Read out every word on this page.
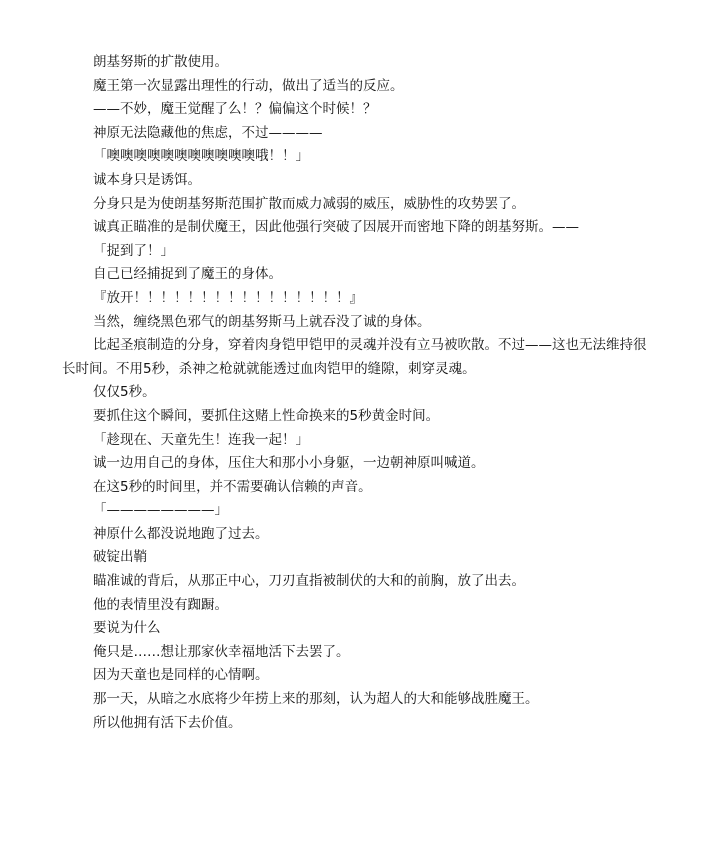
朗基努斯的扩散使用。

魔王第一次显露出理性的行动，做出了适当的反应。

——不妙，魔王觉醒了么！？偏偏这个时候！？

神原无法隐藏他的焦虑，不过————

「噢噢噢噢噢噢噢噢噢噢噢哦！！」

诚本身只是诱饵。

分身只是为使朗基努斯范围扩散而威力减弱的威压，威胁性的攻势罢了。

诚真正瞄准的是制伏魔王，因此他强行突破了因展开而密地下降的朗基努斯。——

「捉到了！」

自己已经捕捉到了魔王的身体。

『放开！！！！！！！！！！！！！！！！』

当然，缠绕黑色邪气的朗基努斯马上就吞没了诚的身体。

比起圣痕制造的分身，穿着肉身铠甲铠甲的灵魂并没有立马被吹散。不过——这也无法维持很长时间。不用5秒，杀神之枪就就能透过血肉铠甲的缝隙，刺穿灵魂。

仅仅5秒。

要抓住这个瞬间，要抓住这赌上性命换来的5秒黄金时间。

「趁现在、天童先生！连我一起！」

诚一边用自己的身体，压住大和那小小身躯，一边朝神原叫喊道。

在这5秒的时间里，并不需要确认信赖的声音。

「————————」

神原什么都没说地跑了过去。

破锭出鞘

瞄准诚的背后，从那正中心，刀刃直指被制伏的大和的前胸，放了出去。

他的表情里没有踟蹰。

要说为什么

俺只是……想让那家伙幸福地活下去罢了。

因为天童也是同样的心情啊。

那一天，从暗之水底将少年捞上来的那刻，认为超人的大和能够战胜魔王。

所以他拥有活下去价值。
